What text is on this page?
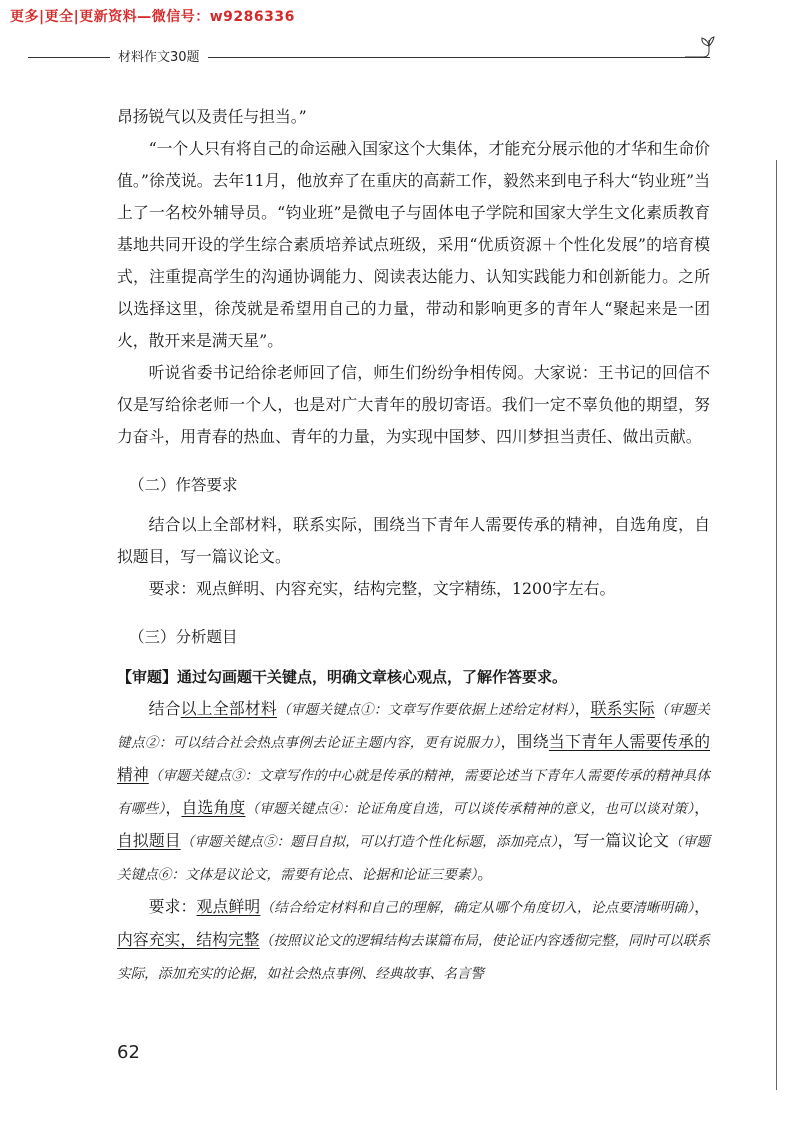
更多|更全|更新资料—微信号：w9286336
材料作文30题

昂扬锐气以及责任与担当。”

“一个人只有将自己的命运融入国家这个大集体，才能充分展示他的才华和生命价值。”徐茂说。去年11月，他放弃了在重庆的高薪工作，毅然来到电子科大“钧业班”当上了一名校外辅导员。“钧业班”是微电子与固体电子学院和国家大学生文化素质教育基地共同开设的学生综合素质培养试点班级，采用“优质资源＋个性化发展”的培育模式，注重提高学生的沟通协调能力、阅读表达能力、认知实践能力和创新能力。之所以选择这里，徐茂就是希望用自己的力量，带动和影响更多的青年人“聚起来是一团火，散开来是满天星”。

听说省委书记给徐老师回了信，师生们纷纷争相传阅。大家说：王书记的回信不仅是写给徐老师一个人，也是对广大青年的殷切寄语。我们一定不辜负他的期望，努力奋斗，用青春的热血、青年的力量，为实现中国梦、四川梦担当责任、做出贡献。

（二）作答要求

结合以上全部材料，联系实际，围绕当下青年人需要传承的精神，自选角度，自拟题目，写一篇议论文。

要求：观点鲜明、内容充实，结构完整，文字精练，1200字左右。

（三）分析题目

【审题】通过勾画题干关键点，明确文章核心观点，了解作答要求。

结合以上全部材料（审题关键点①：文章写作要依据上述给定材料），联系实际（审题关键点②：可以结合社会热点事例去论证主题内容，更有说服力），围绕当下青年人需要传承的精神（审题关键点③：文章写作的中心就是传承的精神，需要论述当下青年人需要传承的精神具体有哪些），自选角度（审题关键点④：论证角度自选，可以谈传承精神的意义，也可以谈对策），自拟题目（审题关键点⑤：题目自拟，可以打造个性化标题，添加亮点），写一篇议论文（审题关键点⑥：文体是议论文，需要有论点、论据和论证三要素）。

要求：观点鲜明（结合给定材料和自己的理解，确定从哪个角度切入，论点要清晰明确），内容充实，结构完整（按照议论文的逻辑结构去谋篇布局，使论证内容透彻完整，同时可以联系实际，添加充实的论据，如社会热点事例、经典故事、名言警

62
